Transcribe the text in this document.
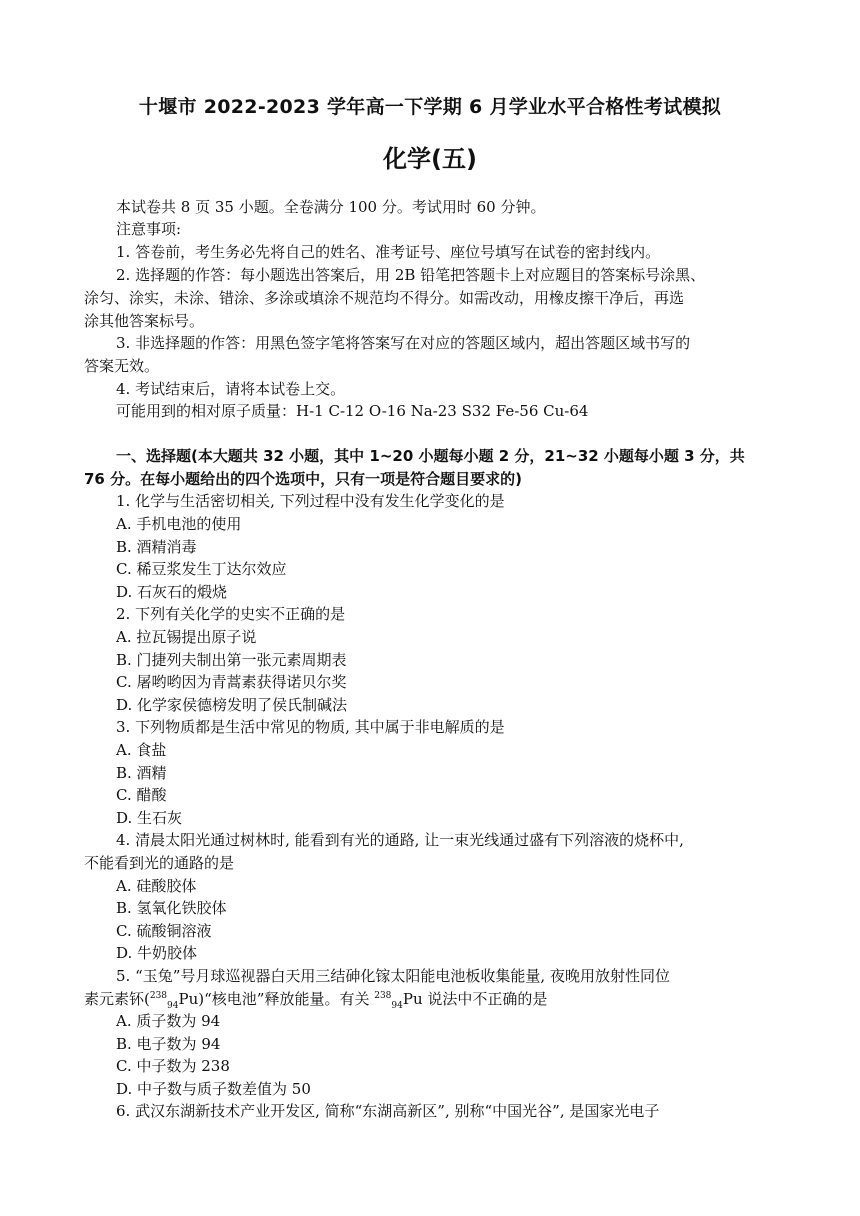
十堰市 2022-2023 学年高一下学期 6 月学业水平合格性考试模拟
化学(五)
本试卷共 8 页 35 小题。全卷满分 100 分。考试用时 60 分钟。
注意事项:
1. 答卷前，考生务必先将自己的姓名、准考证号、座位号填写在试卷的密封线内。
2. 选择题的作答：每小题选出答案后，用 2B 铅笔把答题卡上对应题目的答案标号涂黑、
涂匀、涂实，未涂、错涂、多涂或填涂不规范均不得分。如需改动，用橡皮擦干净后，再选
涂其他答案标号。
3. 非选择题的作答：用黑色签字笔将答案写在对应的答题区域内，超出答题区域书写的
答案无效。
4. 考试结束后，请将本试卷上交。
可能用到的相对原子质量：H-1 C-12 O-16 Na-23 S32 Fe-56 Cu-64
一、选择题(本大题共 32 小题，其中 1~20 小题每小题 2 分，21~32 小题每小题 3 分，共
76 分。在每小题给出的四个选项中，只有一项是符合题目要求的)
1. 化学与生活密切相关, 下列过程中没有发生化学变化的是
A. 手机电池的使用
B. 酒精消毒
C. 稀豆浆发生丁达尔效应
D. 石灰石的煅烧
2. 下列有关化学的史实不正确的是
A. 拉瓦锡提出原子说
B. 门捷列夫制出第一张元素周期表
C. 屠哟哟因为青蒿素获得诺贝尔奖
D. 化学家侯德榜发明了侯氏制碱法
3. 下列物质都是生活中常见的物质, 其中属于非电解质的是
A. 食盐
B. 酒精
C. 醋酸
D. 生石灰
4. 清晨太阳光通过树林时, 能看到有光的通路, 让一束光线通过盛有下列溶液的烧杯中,
不能看到光的通路的是
A. 硅酸胶体
B. 氢氧化铁胶体
C. 硫酸铜溶液
D. 牛奶胶体
5. “玉兔”号月球巡视器白天用三结砷化镓太阳能电池板收集能量, 夜晚用放射性同位
素元素钚($^{238}_{94}$Pu)“核电池”释放能量。有关 $^{238}_{94}$Pu 说法中不正确的是
A. 质子数为 94
B. 电子数为 94
C. 中子数为 238
D. 中子数与质子数差值为 50
6. 武汉东湖新技术产业开发区, 简称“东湖高新区”, 别称“中国光谷”, 是国家光电子
